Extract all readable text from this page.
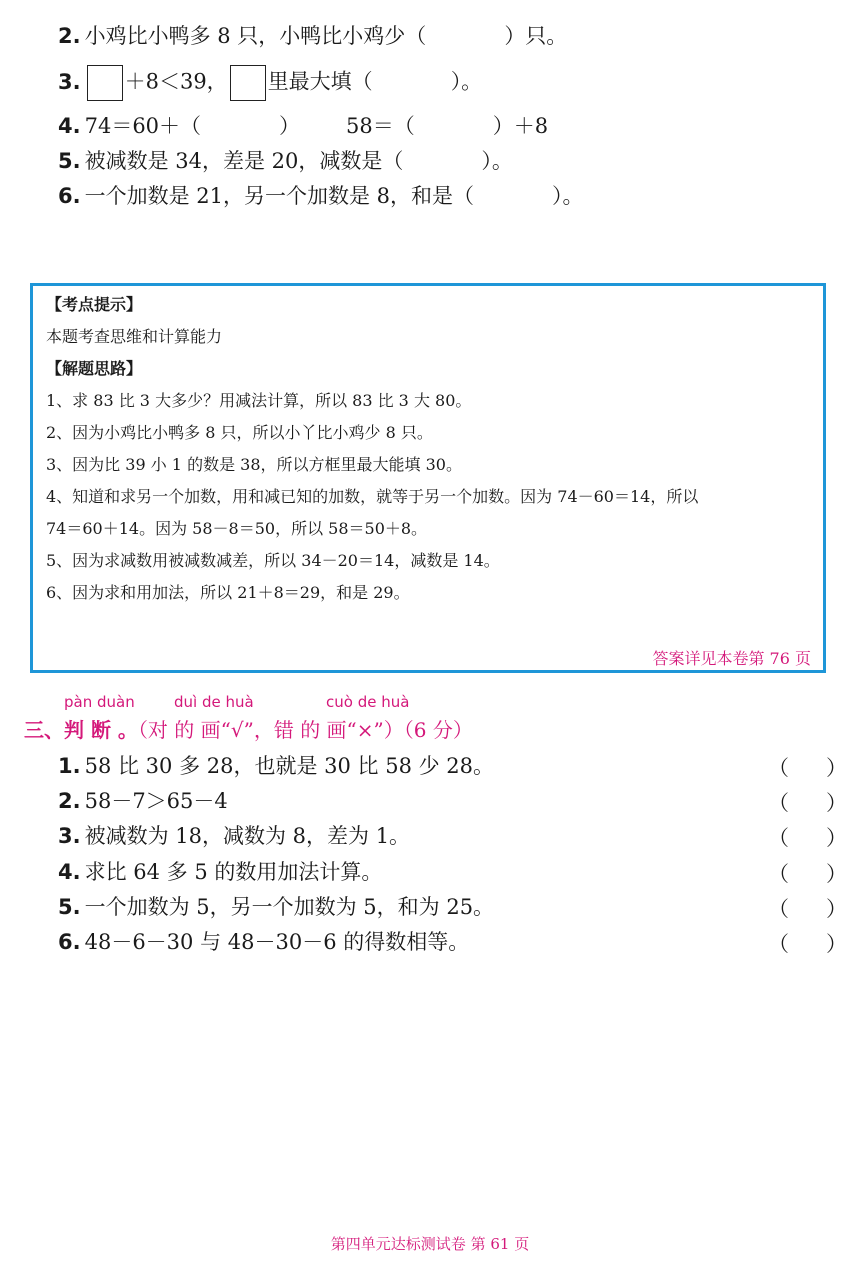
2. 小鸡比小鸭多 8 只，小鸭比小鸡少（	）只。
3. ＋8＜39， 里最大填（	）。
4. 74＝60＋（	） 58＝（	）＋8
5. 被减数是 34，差是 20，减数是（	）。
6. 一个加数是 21，另一个加数是 8，和是（	）。
【考点提示】
本题考查思维和计算能力
【解题思路】
1、求 83 比 3 大多少？用减法计算，所以 83 比 3 大 80。
2、因为小鸡比小鸭多 8 只，所以小丫比小鸡少 8 只。
3、因为比 39 小 1 的数是 38，所以方框里最大能填 30。
4、知道和求另一个加数，用和减已知的加数，就等于另一个加数。因为 74－60＝14，所以
74＝60＋14。因为 58－8＝50，所以 58＝50＋8。
5、因为求减数用被减数减差，所以 34－20＝14，减数是 14。
6、因为求和用加法，所以 21＋8＝29，和是 29。
答案详见本卷第 76 页
pàn duàn	duì de huà	cuò de huà
三、判 断 。（对 的 画“√”，错 的 画“×”）（6 分）
1. 58 比 30 多 28，也就是 30 比 58 少 28。	（ ）
2. 58－7＞65－4	（ ）
3. 被减数为 18，减数为 8，差为 1。	（ ）
4. 求比 64 多 5 的数用加法计算。	（ ）
5. 一个加数为 5，另一个加数为 5，和为 25。	（ ）
6. 48－6－30 与 48－30－6 的得数相等。	（ ）
第四单元达标测试卷 第 61 页
